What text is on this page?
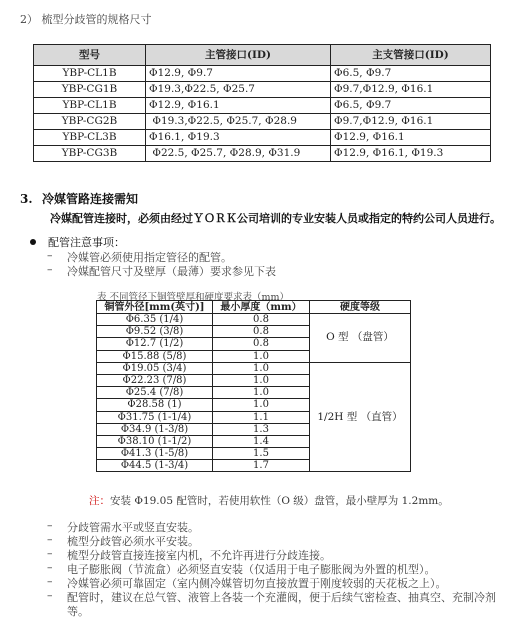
2） 梳型分歧管的规格尺寸
型号	主管接口(ID)	主支管接口(ID)
YBP-CL1B	Φ12.9, Φ9.7	Φ6.5, Φ9.7
YBP-CG1B	Φ19.3,Φ22.5, Φ25.7	Φ9.7,Φ12.9, Φ16.1
YBP-CL1B	Φ12.9, Φ16.1	Φ6.5, Φ9.7
YBP-CG2B	Φ19.3,Φ22.5, Φ25.7, Φ28.9	Φ9.7,Φ12.9, Φ16.1
YBP-CL3B	Φ16.1, Φ19.3	Φ12.9, Φ16.1
YBP-CG3B	Φ22.5, Φ25.7, Φ28.9, Φ31.9	Φ12.9, Φ16.1, Φ19.3
3. 冷媒管路连接需知
冷媒配管连接时，必须由经过ＹＯＲＫ公司培训的专业安装人员或指定的特约公司人员进行。
配管注意事项：
– 冷媒管必须使用指定管径的配管。
– 冷媒配管尺寸及壁厚（最薄）要求参见下表
表 不同管径下铜管壁厚和硬度要求表（mm）
铜管外径[mm(英寸)]	最小厚度（mm）	硬度等级
Φ6.35 (1/4)	0.8	O 型 （盘管）
Φ9.52 (3/8)	0.8	
Φ12.7 (1/2)	0.8	
Φ15.88 (5/8)	1.0	
Φ19.05 (3/4)	1.0	1/2H 型 （直管）
Φ22.23 (7/8)	1.0	
Φ25.4 (7/8)	1.0	
Φ28.58 (1)	1.0	
Φ31.75 (1-1/4)	1.1	
Φ34.9 (1-3/8)	1.3	
Φ38.10 (1-1/2)	1.4	
Φ41.3 (1-5/8)	1.5	
Φ44.5 (1-3/4)	1.7	
注：安装 Φ19.05 配管时，若使用软性（O 级）盘管，最小壁厚为 1.2mm。
– 分歧管需水平或竖直安装。
– 梳型分歧管必须水平安装。
– 梳型分歧管直接连接室内机，不允许再进行分歧连接。
– 电子膨胀阀（节流盒）必须竖直安装（仅适用于电子膨胀阀为外置的机型）。
– 冷媒管必须可靠固定（室内侧冷媒管切勿直接放置于刚度较弱的天花板之上）。
– 配管时，建议在总气管、液管上各装一个充灌阀，便于后续气密检查、抽真空、充制冷剂
等。
